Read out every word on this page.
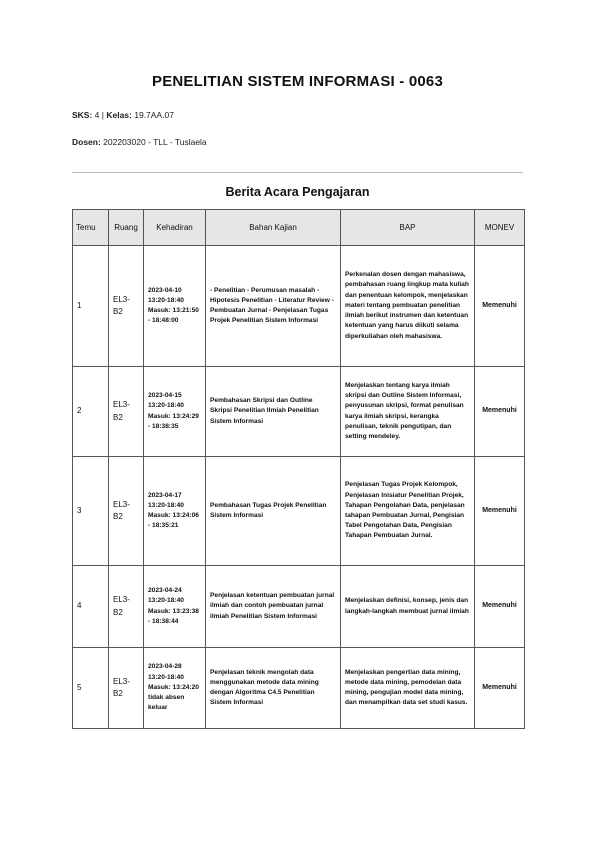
PENELITIAN SISTEM INFORMASI - 0063
SKS: 4 | Kelas: 19.7AA.07
Dosen: 202203020 - TLL - Tuslaela
Berita Acara Pengajaran
Temu	Ruang	Kehadiran	Bahan Kajian	BAP	MONEV
1	EL3-B2	2023-04-10 13:20-18:40 Masuk: 13:21:50 - 18:48:00	- Penelitian - Perumusan masalah - Hipotesis Penelitian - Literatur Review - Pembuatan Jurnal - Penjelasan Tugas Projek Penelitian Sistem Informasi	Perkenalan dosen dengan mahasiswa, pembahasan ruang lingkup mata kuliah dan penentuan kelompok, menjelaskan materi tentang pembuatan penelitian ilmiah berikut instrumen dan ketentuan ketentuan yang harus diikuti selama diperkuliahan oleh mahasiswa.	Memenuhi
2	EL3-B2	2023-04-15 13:20-18:40 Masuk: 13:24:29 - 18:38:35	Pembahasan Skripsi dan Outline Skripsi Penelitian Ilmiah Penelitian Sistem Informasi	Menjelaskan tentang karya ilmiah skripsi dan Outline Sistem Informasi, penyusunan skripsi, format penulisan karya ilmiah skripsi, kerangka penulisan, teknik pengutipan, dan setting mendeley.	Memenuhi
3	EL3-B2	2023-04-17 13:20-18:40 Masuk: 13:24:06 - 18:35:21	Pembahasan Tugas Projek Penelitian Sistem Informasi	Penjelasan Tugas Projek Kelompok, Penjelasan Inisiatur Penelitian Projek, Tahapan Pengolahan Data, penjelasan tahapan Pembuatan Jurnal, Pengisian Tabel Pengolahan Data, Pengisian Tahapan Pembuatan Jurnal.	Memenuhi
4	EL3-B2	2023-04-24 13:20-18:40 Masuk: 13:23:38 - 18:38:44	Penjelasan ketentuan pembuatan jurnal ilmiah dan contoh pembuatan jurnal ilmiah Penelitian Sistem Informasi	Menjelaskan definisi, konsep, jenis dan langkah-langkah membuat jurnal ilmiah	Memenuhi
5	EL3-B2	2023-04-28 13:20-18:40 Masuk: 13:24:20 tidak absen keluar	Penjelasan teknik mengolah data menggunakan metode data mining dengan Algoritma C4.5 Penelitian Sistem Informasi	Menjelaskan pengertian data mining, metode data mining, pemodelan data mining, pengujian model data mining, dan menampilkan data set studi kasus.	Memenuhi
